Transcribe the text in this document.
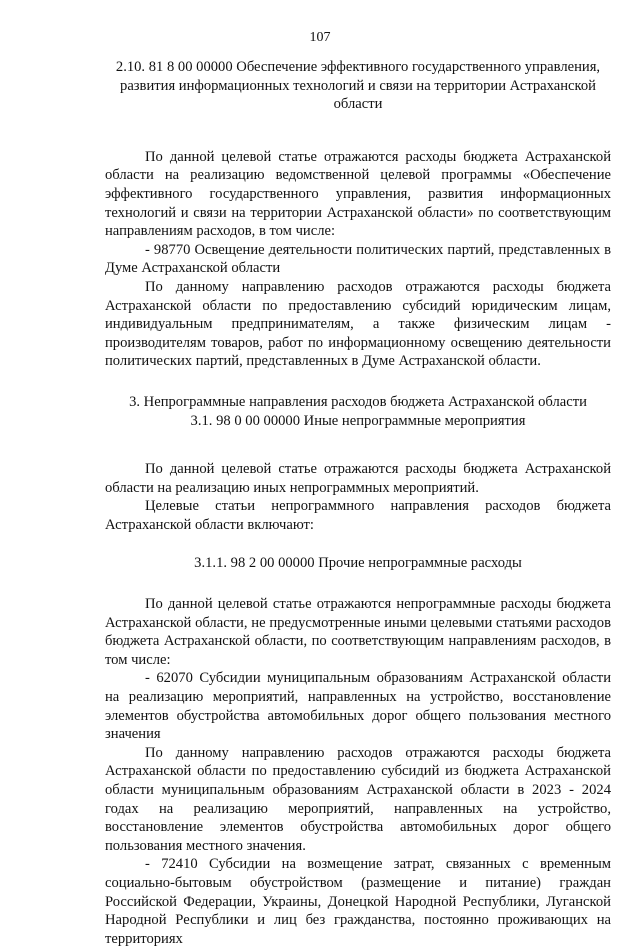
107

2.10. 81 8 00 00000 Обеспечение эффективного государственного управления, развития информационных технологий и связи на территории Астраханской области

По данной целевой статье отражаются расходы бюджета Астраханской области на реализацию ведомственной целевой программы «Обеспечение эффективного государственного управления, развития информационных технологий и связи на территории Астраханской области» по соответствующим направлениям расходов, в том числе:

- 98770 Освещение деятельности политических партий, представленных в Думе Астраханской области

По данному направлению расходов отражаются расходы бюджета Астраханской области по предоставлению субсидий юридическим лицам, индивидуальным предпринимателям, а также физическим лицам - производителям товаров, работ по информационному освещению деятельности политических партий, представленных в Думе Астраханской области.

3. Непрограммные направления расходов бюджета Астраханской области

3.1. 98 0 00 00000 Иные непрограммные мероприятия

По данной целевой статье отражаются расходы бюджета Астраханской области на реализацию иных непрограммных мероприятий.

Целевые статьи непрограммного направления расходов бюджета Астраханской области включают:

3.1.1. 98 2 00 00000 Прочие непрограммные расходы

По данной целевой статье отражаются непрограммные расходы бюджета Астраханской области, не предусмотренные иными целевыми статьями расходов бюджета Астраханской области, по соответствующим направлениям расходов, в том числе:

- 62070 Субсидии муниципальным образованиям Астраханской области на реализацию мероприятий, направленных на устройство, восстановление элементов обустройства автомобильных дорог общего пользования местного значения

По данному направлению расходов отражаются расходы бюджета Астраханской области по предоставлению субсидий из бюджета Астраханской области муниципальным образованиям Астраханской области в 2023 - 2024 годах на реализацию мероприятий, направленных на устройство, восстановление элементов обустройства автомобильных дорог общего пользования местного значения.

- 72410 Субсидии на возмещение затрат, связанных с временным социально-бытовым обустройством (размещение и питание) граждан Российской Федерации, Украины, Донецкой Народной Республики, Луганской Народной Республики и лиц без гражданства, постоянно проживающих на территориях
